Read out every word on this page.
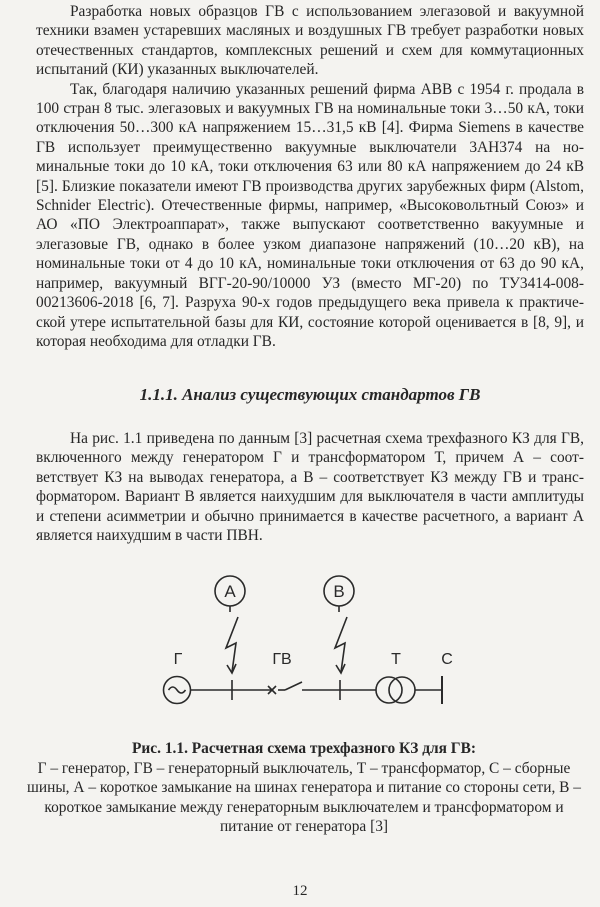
Разработка новых образцов ГВ с использованием элегазовой и вакуумной техники взамен устаревших масляных и воздушных ГВ требует разработки новых отечественных стандартов, комплексных решений и схем для коммутационных испытаний (КИ) указанных выключателей.

Так, благодаря наличию указанных решений фирма АВВ с 1954 г. продала в 100 стран 8 тыс. элегазовых и вакуумных ГВ на номинальные токи 3…50 кА, токи отключения 50…300 кА напряжением 15…31,5 кВ [4]. Фирма Siemens в качестве ГВ использует преимущественно вакуумные выключатели 3АН374 на номинальные токи до 10 кА, токи отключения 63 или 80 кА напряжением до 24 кВ [5]. Близкие показатели имеют ГВ производства других зарубежных фирм (Alstom, Schnider Electric). Отечественные фирмы, например, «Высоковольтный Союз» и АО «ПО Электроаппарат», также выпускают соответственно вакуумные и элегазовые ГВ, однако в более узком диапазоне напряжений (10…20 кВ), на номинальные токи от 4 до 10 кА, номинальные токи отключения от 63 до 90 кА, например, вакуумный ВГГ-20-90/10000 УЗ (вместо МГ-20) по ТУ3414-008-00213606-2018 [6, 7]. Разруха 90-х годов предыдущего века привела к практической утере испытательной базы для КИ, состояние которой оценивается в [8, 9], и которая необходима для отладки ГВ.

1.1.1. Анализ существующих стандартов ГВ

На рис. 1.1 приведена по данным [3] расчетная схема трехфазного КЗ для ГВ, включенного между генератором Г и трансформатором Т, причем А – соответствует КЗ на выводах генератора, а В – соответствует КЗ между ГВ и трансформатором. Вариант В является наихудшим для выключателя в части амплитуды и степени асимметрии и обычно принимается в качестве расчетного, а вариант А является наихудшим в части ПВН.

А	В
Г	ГВ	Т	С
Рис. 1.1. Расчетная схема трехфазного КЗ для ГВ:
Г – генератор, ГВ – генераторный выключатель, Т – трансформатор, С – сборные шины, А – короткое замыкание на шинах генератора и питание со стороны сети, В – короткое замыкание между генераторным выключателем и трансформатором и питание от генератора [3]
12
